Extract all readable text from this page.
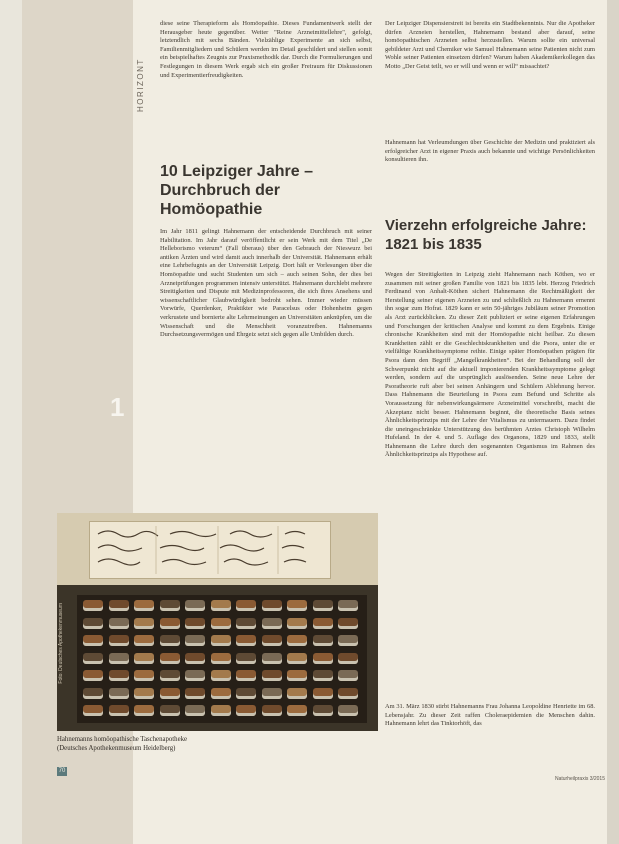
HORIZONT
1

diese seine Therapieform als Homöopathie. Dieses Fundamentwerk stellt der Herausgeber heute gegenüber. Weiter "Reine Arzneimittellehre", gefolgt, letztendlich mit sechs Bänden. Vielzählige Experimente an sich selbst, Familienmitgliedern und Schülern werden im Detail geschildert und stellen somit ein beispielhaftes Zeugnis zur Praxismethodik dar. Durch die Formulierungen und Festlegungen in diesem Werk ergab sich ein großer Freiraum für Diskussionen und Experimentierfreudigkeiten.

10 Leipziger Jahre – Durchbruch der Homöopathie

Im Jahr 1811 gelingt Hahnemann der entscheidende Durchbruch mit seiner Habilitation. Im Jahr darauf veröffentlicht er sein Werk mit dem Titel „De Helleborismo veterum“ (Fall überaus) über den Gebrauch der Nieswurz bei antiken Ärzten und wird damit auch innerhalb der Universität. Hahnemann erhält eine Lehrbefugnis an der Universität Leipzig. Dort hält er Vorlesungen über die Homöopathie und sucht Studenten um sich – auch seinen Sohn, der dies bei Arzneiprüfungen programmen intensiv unterstützt. Hahnemann durchlebt mehrere Streitigkeiten und Dispute mit Medizinprofessoren, die sich ihres Ansehens und wissenschaftlicher Glaubwürdigkeit bedroht sehen. Immer wieder müssen Vorwürfe, Querdenker, Praktikter wie Paracelsus oder Hohenheim gegen verkrustete und bornierte alte Lehrmeinungen an Universitäten anknüpfen, um die Wissenschaft und die Menschheit voranzutreiben. Hahnemanns Durchsetzungsvermögen und Ehrgeiz setzt sich gegen alle Umbilden durch.

Der Leipziger Dispensierstreit ist bereits ein Stadtbekenntnis. Nur die Apotheker dürfen Arzneien herstellen, Hahnemann bestand aber darauf, seine homöopathischen Arzneien selbst herzustellen. Warum sollte ein universal gebildeter Arzt und Chemiker wie Samuel Hahnemann seine Patienten nicht zum Wohle seiner Patienten einsetzen dürfen? Warum haben Akademikerkollegen das Motto „Der Geist teilt, wo er will und wenn er will“ missachtet?

Hahnemann hat Verleumdungen über Geschichte der Medizin und praktiziert als erfolgreicher Arzt in eigener Praxis auch bekannte und wichtige Persönlichkeiten konsultieren ihn.

Vierzehn erfolgreiche Jahre: 1821 bis 1835

Wegen der Streitigkeiten in Leipzig zieht Hahnemann nach Köthen, wo er zusammen mit seiner großen Familie von 1821 bis 1835 lebt. Herzog Friedrich Ferdinand von Anhalt-Köthen sichert Hahnemann die Rechtmäßigkeit der Herstellung seiner eigenen Arzneien zu und schließlich zu Hahnemann ernennt ihn sogar zum Hofrat. 1829 kann er sein 50-jähriges Jubiläum seiner Promotion als Arzt zurückblicken. Zu dieser Zeit publiziert er seine eigenen Erfahrungen und Forschungen der kritischen Analyse und kommt zu dem Ergebnis. Einige chronische Krankheiten sind mit der Homöopathie nicht heilbar. Zu diesen Krankheiten zählt er die Geschlechtskrankheiten und die Psora, unter die er vielfältige Krankheitssymptome reihte. Einige später Homöopathen prägten für Psora dann den Begriff „Mangelkrankheiten“. Bei der Behandlung soll der Schwerpunkt nicht auf die aktuell imponierenden Krankheitssymptome gelegt werden, sondern auf die ursprünglich auslösenden. Seine neue Lehre der Psoratheorie ruft aber bei seinen Anhängern und Schülern Ablehnung hervor. Dass Hahnemann die Beurteilung in Psora zum Befund und Schritte als Voraussetzung für nebenwirkungsärmere Arzneimittel vorschreibt, macht die Akzeptanz nicht besser. Hahnemann beginnt, die theoretische Basis seines Ähnlichkeitsprinzips mit der Lehre der Vitalismus zu untermauern. Dazu findet die uneingeschränkte Unterstützung des berühmten Arztes Christoph Wilhelm Hufeland. In der 4. und 5. Auflage des Organons, 1829 und 1833, stellt Hahnemann die Lehre durch den sogenannten Organismus im Rahmen des Ähnlichkeitsprinzips als Hypothese auf.

Am 31. März 1830 stirbt Hahnemanns Frau Johanna Leopoldine Henriette im 68. Lebensjahr. Zu dieser Zeit raffen Choleraepidemien die Menschen dahin. Hahnemann lehrt das Tinktorhöft, das

Foto: Deutsches Apothekenmuseum
Hahnemanns homöopathische Taschenapotheke
(Deutsches Apothekenmuseum Heidelberg)
70
Naturheilpraxis 3/2015
